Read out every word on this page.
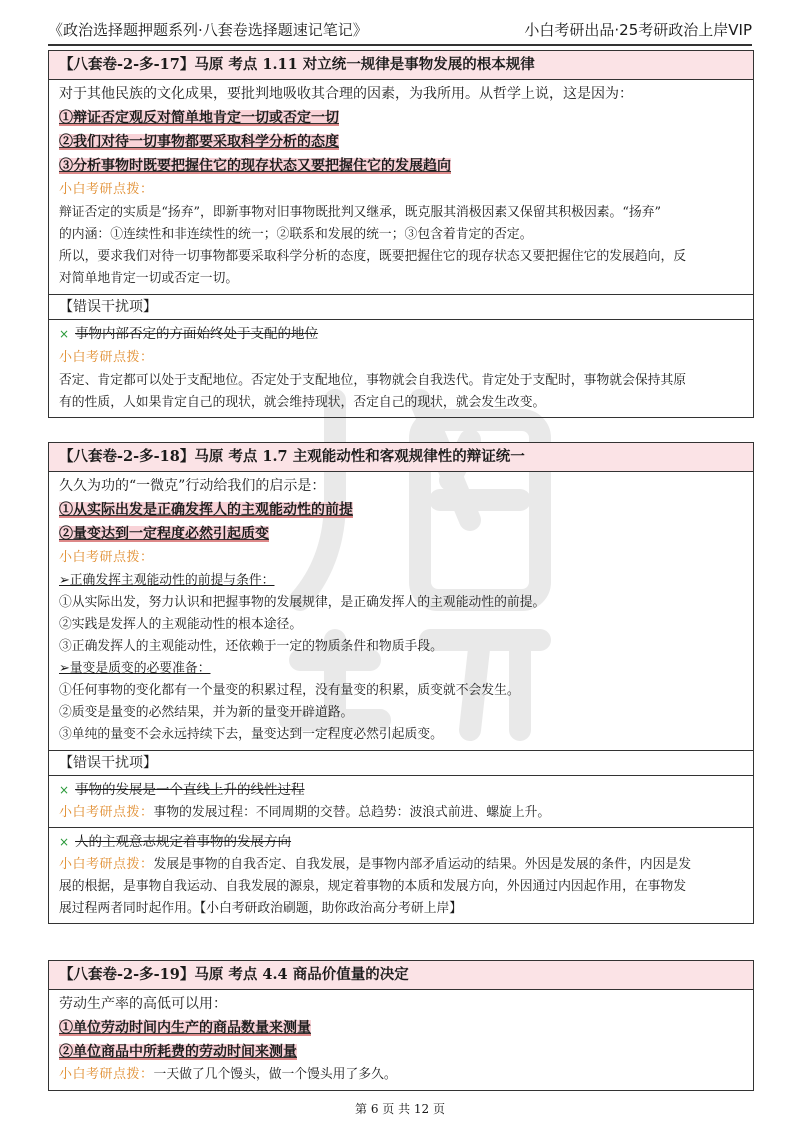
《政治选择题押题系列·八套卷选择题速记笔记》	小白考研出品·25考研政治上岸VIP
【八套卷-2-多-17】马原 考点 1.11 对立统一规律是事物发展的根本规律
对于其他民族的文化成果，要批判地吸收其合理的因素，为我所用。从哲学上说，这是因为：
①辩证否定观反对简单地肯定一切或否定一切
②我们对待一切事物都要采取科学分析的态度
③分析事物时既要把握住它的现存状态又要把握住它的发展趋向
小白考研点拨：
辩证否定的实质是“扬弃”，即新事物对旧事物既批判又继承，既克服其消极因素又保留其积极因素。“扬弃”
的内涵：①连续性和非连续性的统一；②联系和发展的统一；③包含着肯定的否定。
所以，要求我们对待一切事物都要采取科学分析的态度，既要把握住它的现存状态又要把握住它的发展趋向，反
对简单地肯定一切或否定一切。
【错误干扰项】
× 事物内部否定的方面始终处于支配的地位
小白考研点拨：
否定、肯定都可以处于支配地位。否定处于支配地位，事物就会自我迭代。肯定处于支配时，事物就会保持其原
有的性质，人如果肯定自己的现状，就会维持现状，否定自己的现状，就会发生改变。
【八套卷-2-多-18】马原 考点 1.7 主观能动性和客观规律性的辩证统一
久久为功的“一微克”行动给我们的启示是：
①从实际出发是正确发挥人的主观能动性的前提
②量变达到一定程度必然引起质变
小白考研点拨：
➢正确发挥主观能动性的前提与条件：
①从实际出发，努力认识和把握事物的发展规律，是正确发挥人的主观能动性的前提。
②实践是发挥人的主观能动性的根本途径。
③正确发挥人的主观能动性，还依赖于一定的物质条件和物质手段。
➢量变是质变的必要准备：
①任何事物的变化都有一个量变的积累过程，没有量变的积累，质变就不会发生。
②质变是量变的必然结果，并为新的量变开辟道路。
③单纯的量变不会永远持续下去，量变达到一定程度必然引起质变。
【错误干扰项】
× 事物的发展是一个直线上升的线性过程
小白考研点拨：事物的发展过程：不同周期的交替。总趋势：波浪式前进、螺旋上升。
× 人的主观意志规定着事物的发展方向
小白考研点拨：发展是事物的自我否定、自我发展，是事物内部矛盾运动的结果。外因是发展的条件，内因是发
展的根据，是事物自我运动、自我发展的源泉，规定着事物的本质和发展方向，外因通过内因起作用，在事物发
展过程两者同时起作用。【小白考研政治刷题，助你政治高分考研上岸】
【八套卷-2-多-19】马原 考点 4.4 商品价值量的决定
劳动生产率的高低可以用：
①单位劳动时间内生产的商品数量来测量
②单位商品中所耗费的劳动时间来测量
小白考研点拨：一天做了几个馒头，做一个馒头用了多久。
第 6 页 共 12 页
